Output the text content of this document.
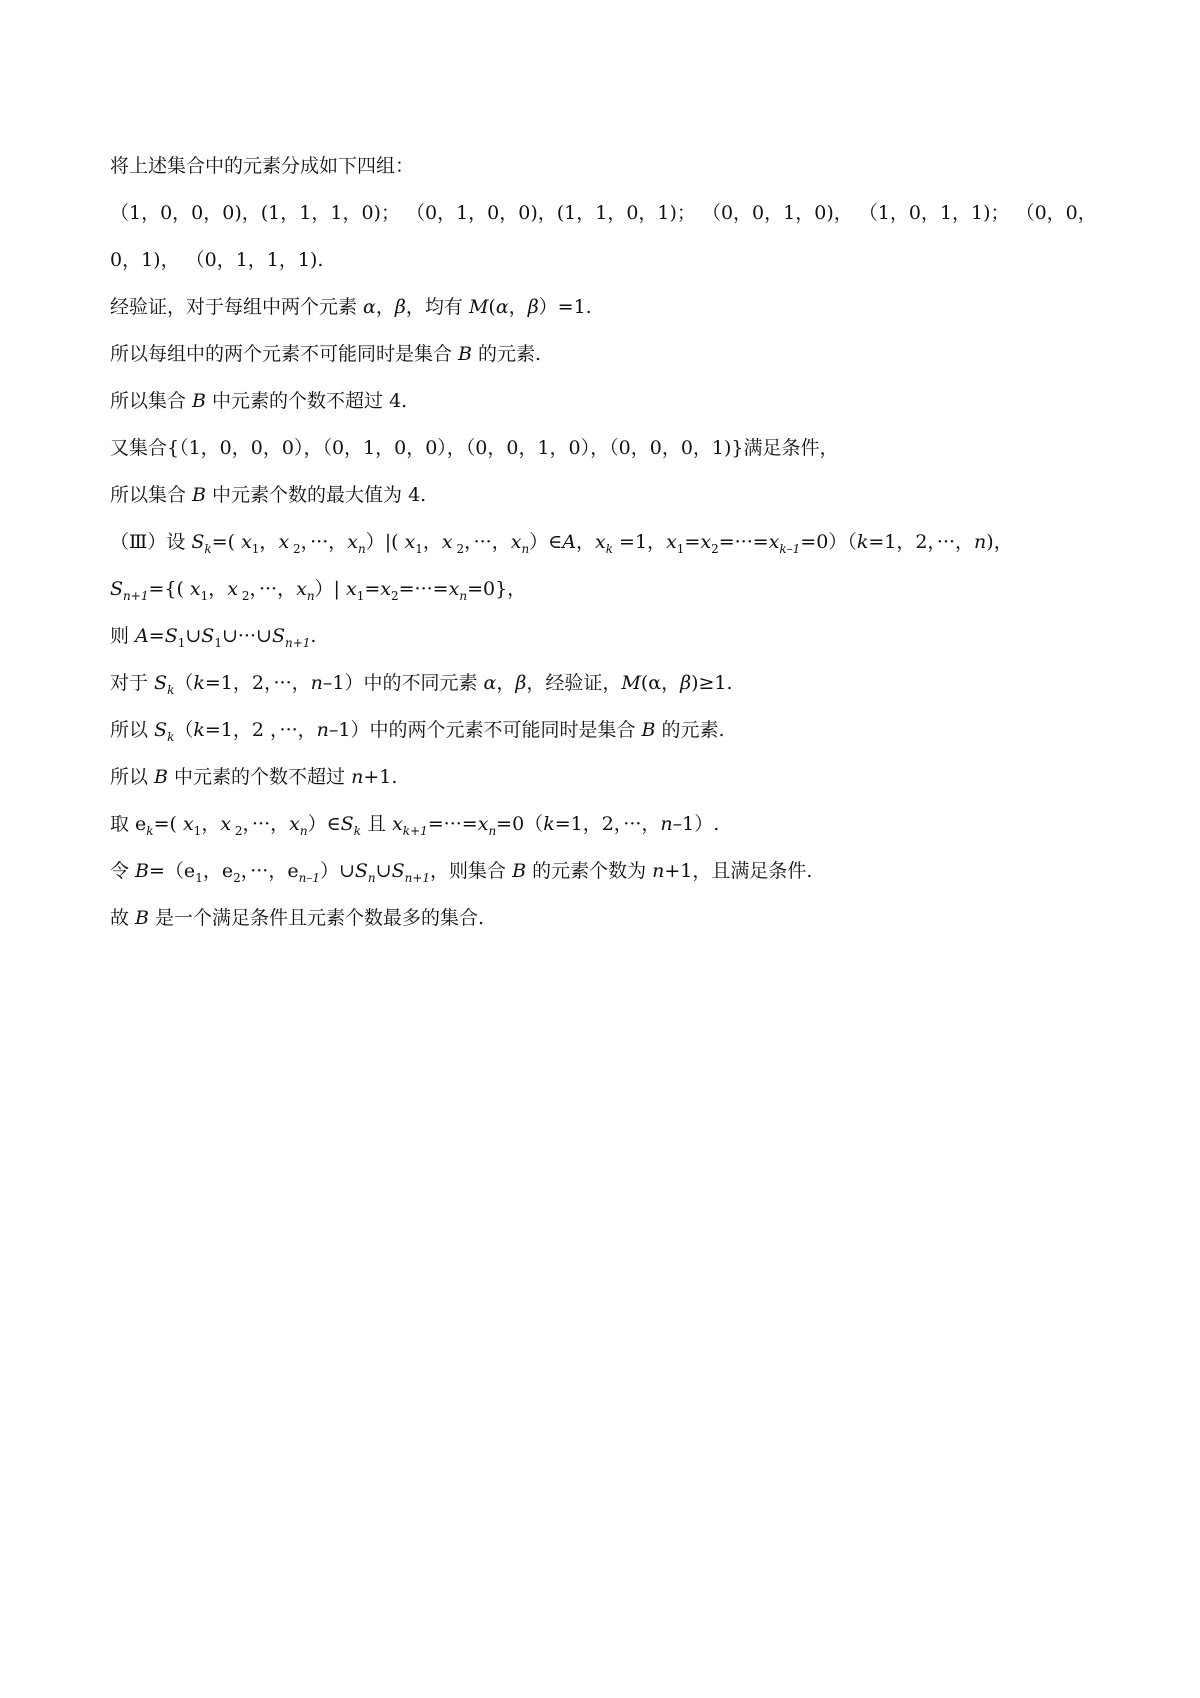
将上述集合中的元素分成如下四组：
（1，0，0，0)，(1，1，1，0)； （0，1，0，0)，(1，1，0，1)； （0，0，1，0)， （1，0，1，1)； （0，0，
0，1)， （0，1，1，1).
经验证，对于每组中两个元素 α，β，均有 M(α，β）=1.
所以每组中的两个元素不可能同时是集合 B 的元素.
所以集合 B 中元素的个数不超过 4.
又集合{（1，0，0，0），（0，1，0，0），（0，0，1，0），（0，0，0，1)}满足条件，
所以集合 B 中元素个数的最大值为 4.
（Ⅲ）设 $S_k=$( $x_1$，x $_2$，···，$x_n)|$( $x_1$，x $_2$，···，$x_n)\in A$，$x_k =1$，$x_1=x_2=\cdot\cdot\cdot=x_{k-1}=0)(k=1$，2，···，n)，
$S_{n+1}=${( $x_1$，x $_2$，···，$x_n)|$ $x_1=x_2=\cdot\cdot\cdot=x_n=0$}，
则 $A=S_1\cup S_1\cup\cdot\cdot\cdot\cup S_{n+1}$.
对于 $S_k(k=1$，2，···，n–1）中的不同元素 α，β，经验证，M(α，β)≥1.
所以 $S_k(k=1$，2 ，···，n–1）中的两个元素不可能同时是集合 B 的元素.
所以 B 中元素的个数不超过 n+1.
取 $e_k=$( $x_1$，x $_2$，···，$x_n)\in S_k$ 且 $x_{k+1}=\cdot\cdot\cdot=x_n=0(k=1$，2，···，n–1）.
令 $B=(e_1$，$e_2$，···，$e_{n-1})\cup S_n\cup S_{n+1}$，则集合 B 的元素个数为 n+1，且满足条件.
故 B 是一个满足条件且元素个数最多的集合.
